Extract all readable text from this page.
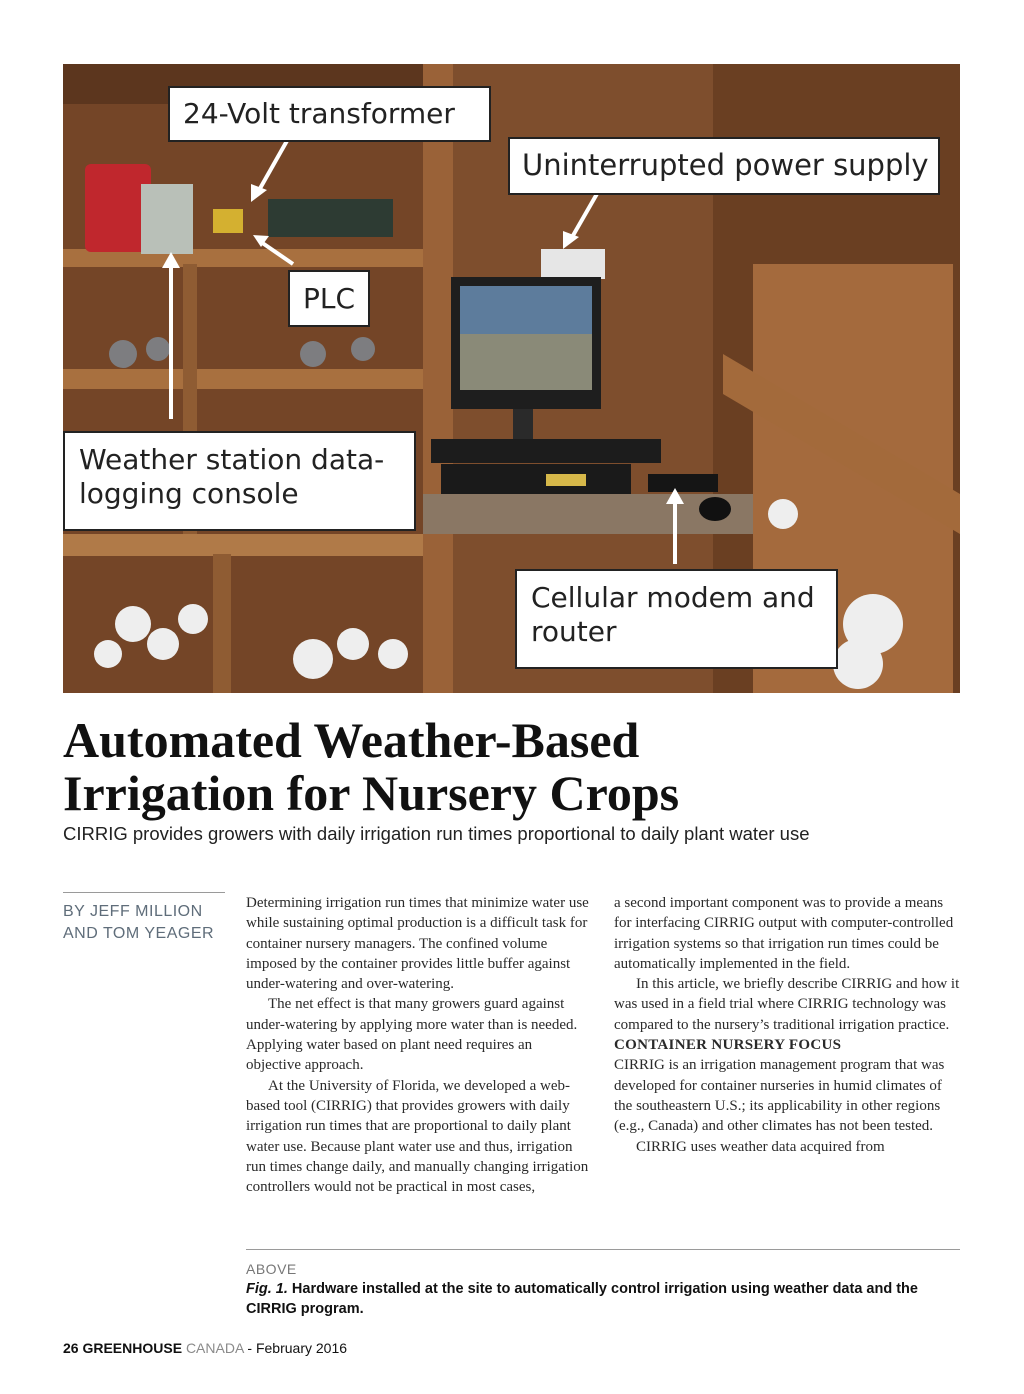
24-Volt transformer
Uninterrupted power supply
PLC
Weather station data-
logging console
Cellular modem and
router
Automated Weather-Based
Irrigation for Nursery Crops

CIRRIG provides growers with daily irrigation run times proportional to daily plant water use

BY JEFF MILLION
AND TOM YEAGER

Determining irrigation run times that minimize water use while sustaining optimal production is a difficult task for container nursery managers. The confined volume imposed by the container provides little buffer against under-watering and over-watering.

The net effect is that many growers guard against under-watering by applying more water than is needed. Applying water based on plant need requires an objective approach.

At the University of Florida, we developed a web-based tool (CIRRIG) that provides growers with daily irrigation run times that are proportional to daily plant water use. Because plant water use and thus, irrigation run times change daily, and manually changing irrigation controllers would not be practical in most cases,

a second important component was to provide a means for interfacing CIRRIG output with computer-controlled irrigation systems so that irrigation run times could be automatically implemented in the field.

In this article, we briefly describe CIRRIG and how it was used in a field trial where CIRRIG technology was compared to the nursery’s traditional irrigation practice.

CONTAINER NURSERY FOCUS

CIRRIG is an irrigation management program that was developed for container nurseries in humid climates of the southeastern U.S.; its applicability in other regions (e.g., Canada) and other climates has not been tested.

CIRRIG uses weather data acquired from

ABOVE
Fig. 1. Hardware installed at the site to automatically control irrigation using weather data and the CIRRIG program.
26 GREENHOUSE CANADA - February 2016
